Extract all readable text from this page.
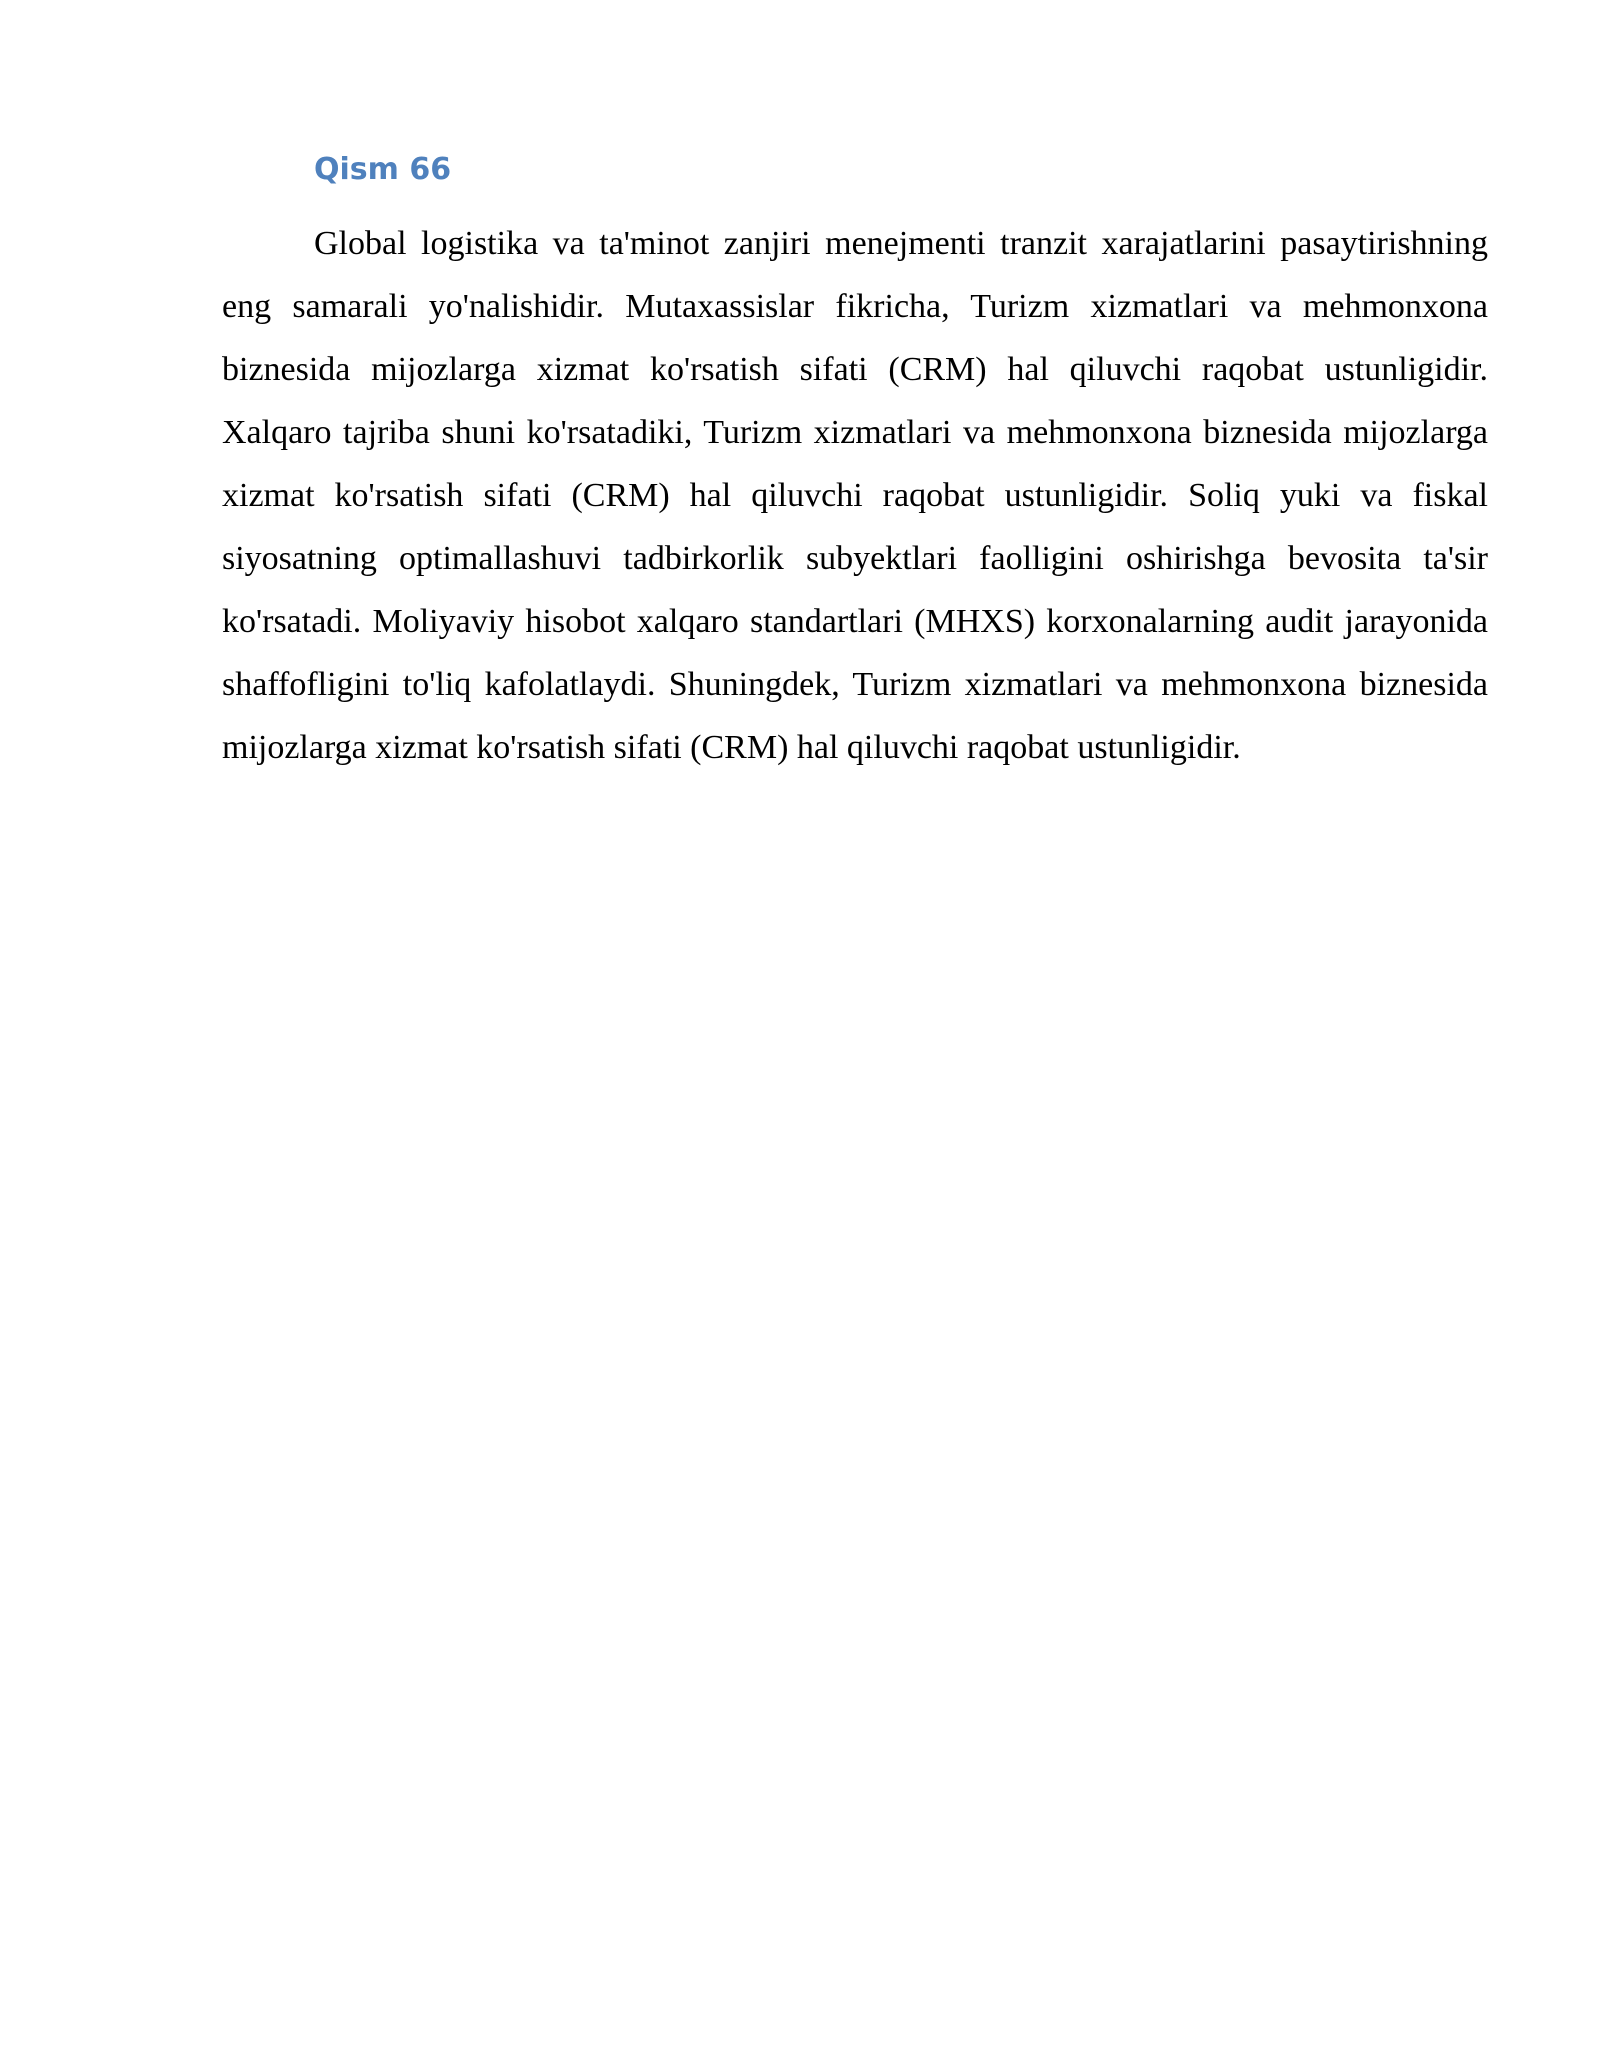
Qism 66

Global logistika va ta'minot zanjiri menejmenti tranzit xarajatlarini pasaytirishning eng samarali yo'nalishidir. Mutaxassislar fikricha, Turizm xizmatlari va mehmonxona biznesida mijozlarga xizmat ko'rsatish sifati (CRM) hal qiluvchi raqobat ustunligidir. Xalqaro tajriba shuni ko'rsatadiki, Turizm xizmatlari va mehmonxona biznesida mijozlarga xizmat ko'rsatish sifati (CRM) hal qiluvchi raqobat ustunligidir. Soliq yuki va fiskal siyosatning optimallashuvi tadbirkorlik subyektlari faolligini oshirishga bevosita ta'sir ko'rsatadi. Moliyaviy hisobot xalqaro standartlari (MHXS) korxonalarning audit jarayonida shaffofligini to'liq kafolatlaydi. Shuningdek, Turizm xizmatlari va mehmonxona biznesida mijozlarga xizmat ko'rsatish sifati (CRM) hal qiluvchi raqobat ustunligidir.
